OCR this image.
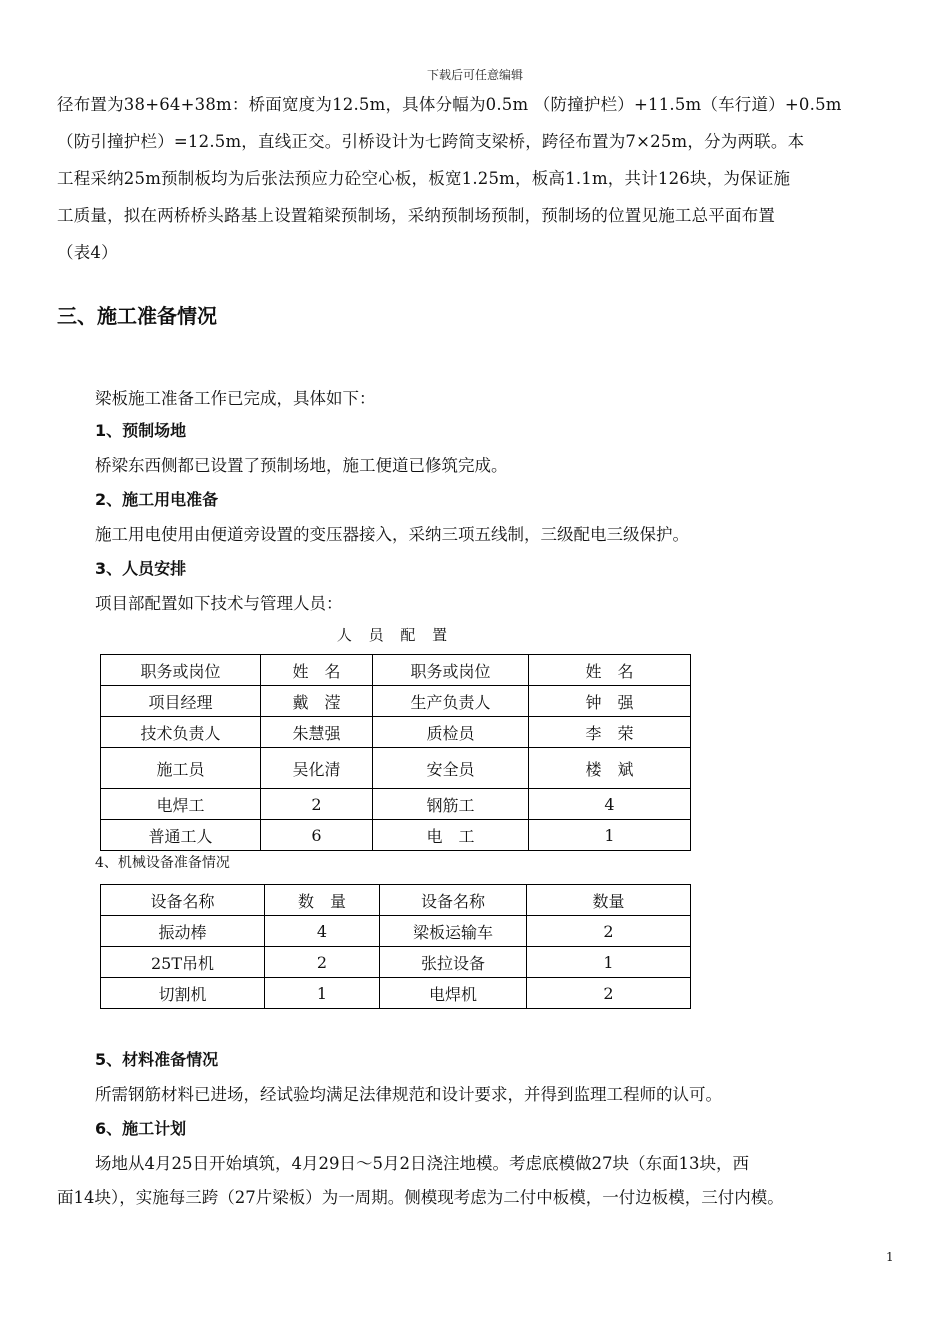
下载后可任意编辑
径布置为38+64+38m：桥面宽度为12.5m，具体分幅为0.5m （防撞护栏）+11.5m（车行道）+0.5m
（防引撞护栏）=12.5m，直线正交。引桥设计为七跨简支梁桥，跨径布置为7×25m，分为两联。本
工程采纳25m预制板均为后张法预应力砼空心板，板宽1.25m，板高1.1m，共计126块，为保证施
工质量，拟在两桥桥头路基上设置箱梁预制场，采纳预制场预制，预制场的位置见施工总平面布置
（表4）
三、施工准备情况
梁板施工准备工作已完成，具体如下：
1、预制场地
桥梁东西侧都已设置了预制场地，施工便道已修筑完成。
2、施工用电准备
施工用电使用由便道旁设置的变压器接入，采纳三项五线制，三级配电三级保护。
3、人员安排
项目部配置如下技术与管理人员：
人 员 配 置
职务或岗位	姓　名	职务或岗位	姓　名
项目经理	戴　滢	生产负责人	钟　强
技术负责人	朱慧强	质检员	李　荣
施工员	吴化清	安全员	楼　斌
电焊工	2	钢筋工	4
普通工人	6	电　工	1
4、机械设备准备情况
设备名称	数　量	设备名称	数量
振动棒	4	梁板运输车	2
25T吊机	2	张拉设备	1
切割机	1	电焊机	2
5、材料准备情况
所需钢筋材料已进场，经试验均满足法律规范和设计要求，并得到监理工程师的认可。
6、施工计划
场地从4月25日开始填筑，4月29日～5月2日浇注地模。考虑底模做27块（东面13块，西
面14块），实施每三跨（27片梁板）为一周期。侧模现考虑为二付中板模，一付边板模，三付内模。
1
